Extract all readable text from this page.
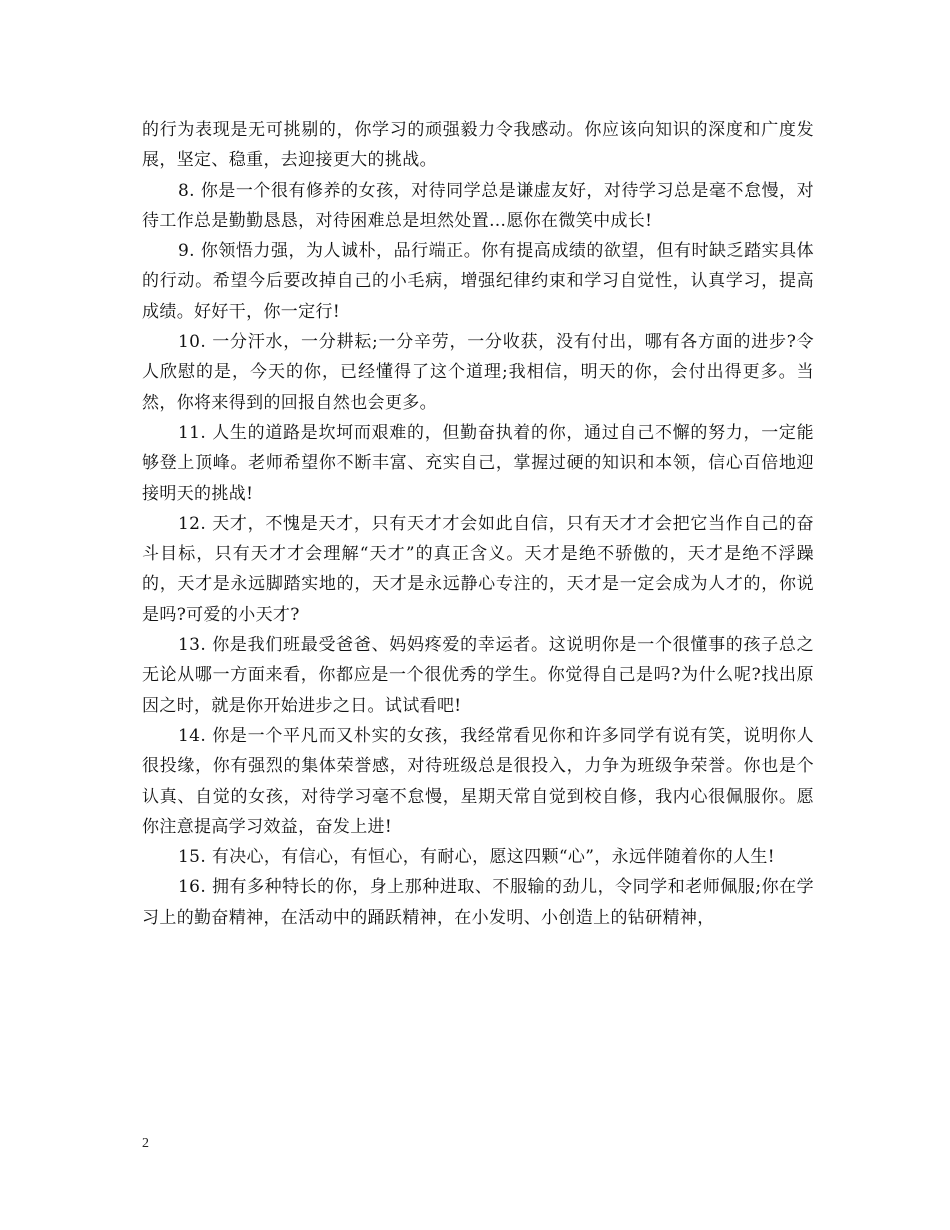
的行为表现是无可挑剔的，你学习的顽强毅力令我感动。你应该向知识的深度和广度发展，坚定、稳重，去迎接更大的挑战。

8. 你是一个很有修养的女孩，对待同学总是谦虚友好，对待学习总是毫不怠慢，对待工作总是勤勤恳恳，对待困难总是坦然处置…愿你在微笑中成长!

9. 你领悟力强，为人诚朴，品行端正。你有提高成绩的欲望，但有时缺乏踏实具体的行动。希望今后要改掉自己的小毛病，增强纪律约束和学习自觉性，认真学习，提高成绩。好好干，你一定行!

10. 一分汗水，一分耕耘;一分辛劳，一分收获，没有付出，哪有各方面的进步?令人欣慰的是，今天的你，已经懂得了这个道理;我相信，明天的你，会付出得更多。当然，你将来得到的回报自然也会更多。

11. 人生的道路是坎坷而艰难的，但勤奋执着的你，通过自己不懈的努力，一定能够登上顶峰。老师希望你不断丰富、充实自己，掌握过硬的知识和本领，信心百倍地迎接明天的挑战!

12. 天才，不愧是天才，只有天才才会如此自信，只有天才才会把它当作自己的奋斗目标，只有天才才会理解“天才”的真正含义。天才是绝不骄傲的，天才是绝不浮躁的，天才是永远脚踏实地的，天才是永远静心专注的，天才是一定会成为人才的，你说是吗?可爱的小天才?

13. 你是我们班最受爸爸、妈妈疼爱的幸运者。这说明你是一个很懂事的孩子总之无论从哪一方面来看，你都应是一个很优秀的学生。你觉得自己是吗?为什么呢?找出原因之时，就是你开始进步之日。试试看吧!

14. 你是一个平凡而又朴实的女孩，我经常看见你和许多同学有说有笑，说明你人很投缘，你有强烈的集体荣誉感，对待班级总是很投入，力争为班级争荣誉。你也是个认真、自觉的女孩，对待学习毫不怠慢，星期天常自觉到校自修，我内心很佩服你。愿你注意提高学习效益，奋发上进!

15. 有决心，有信心，有恒心，有耐心，愿这四颗“心”，永远伴随着你的人生!

16. 拥有多种特长的你，身上那种进取、不服输的劲儿，令同学和老师佩服;你在学习上的勤奋精神，在活动中的踊跃精神，在小发明、小创造上的钻研精神，

2
